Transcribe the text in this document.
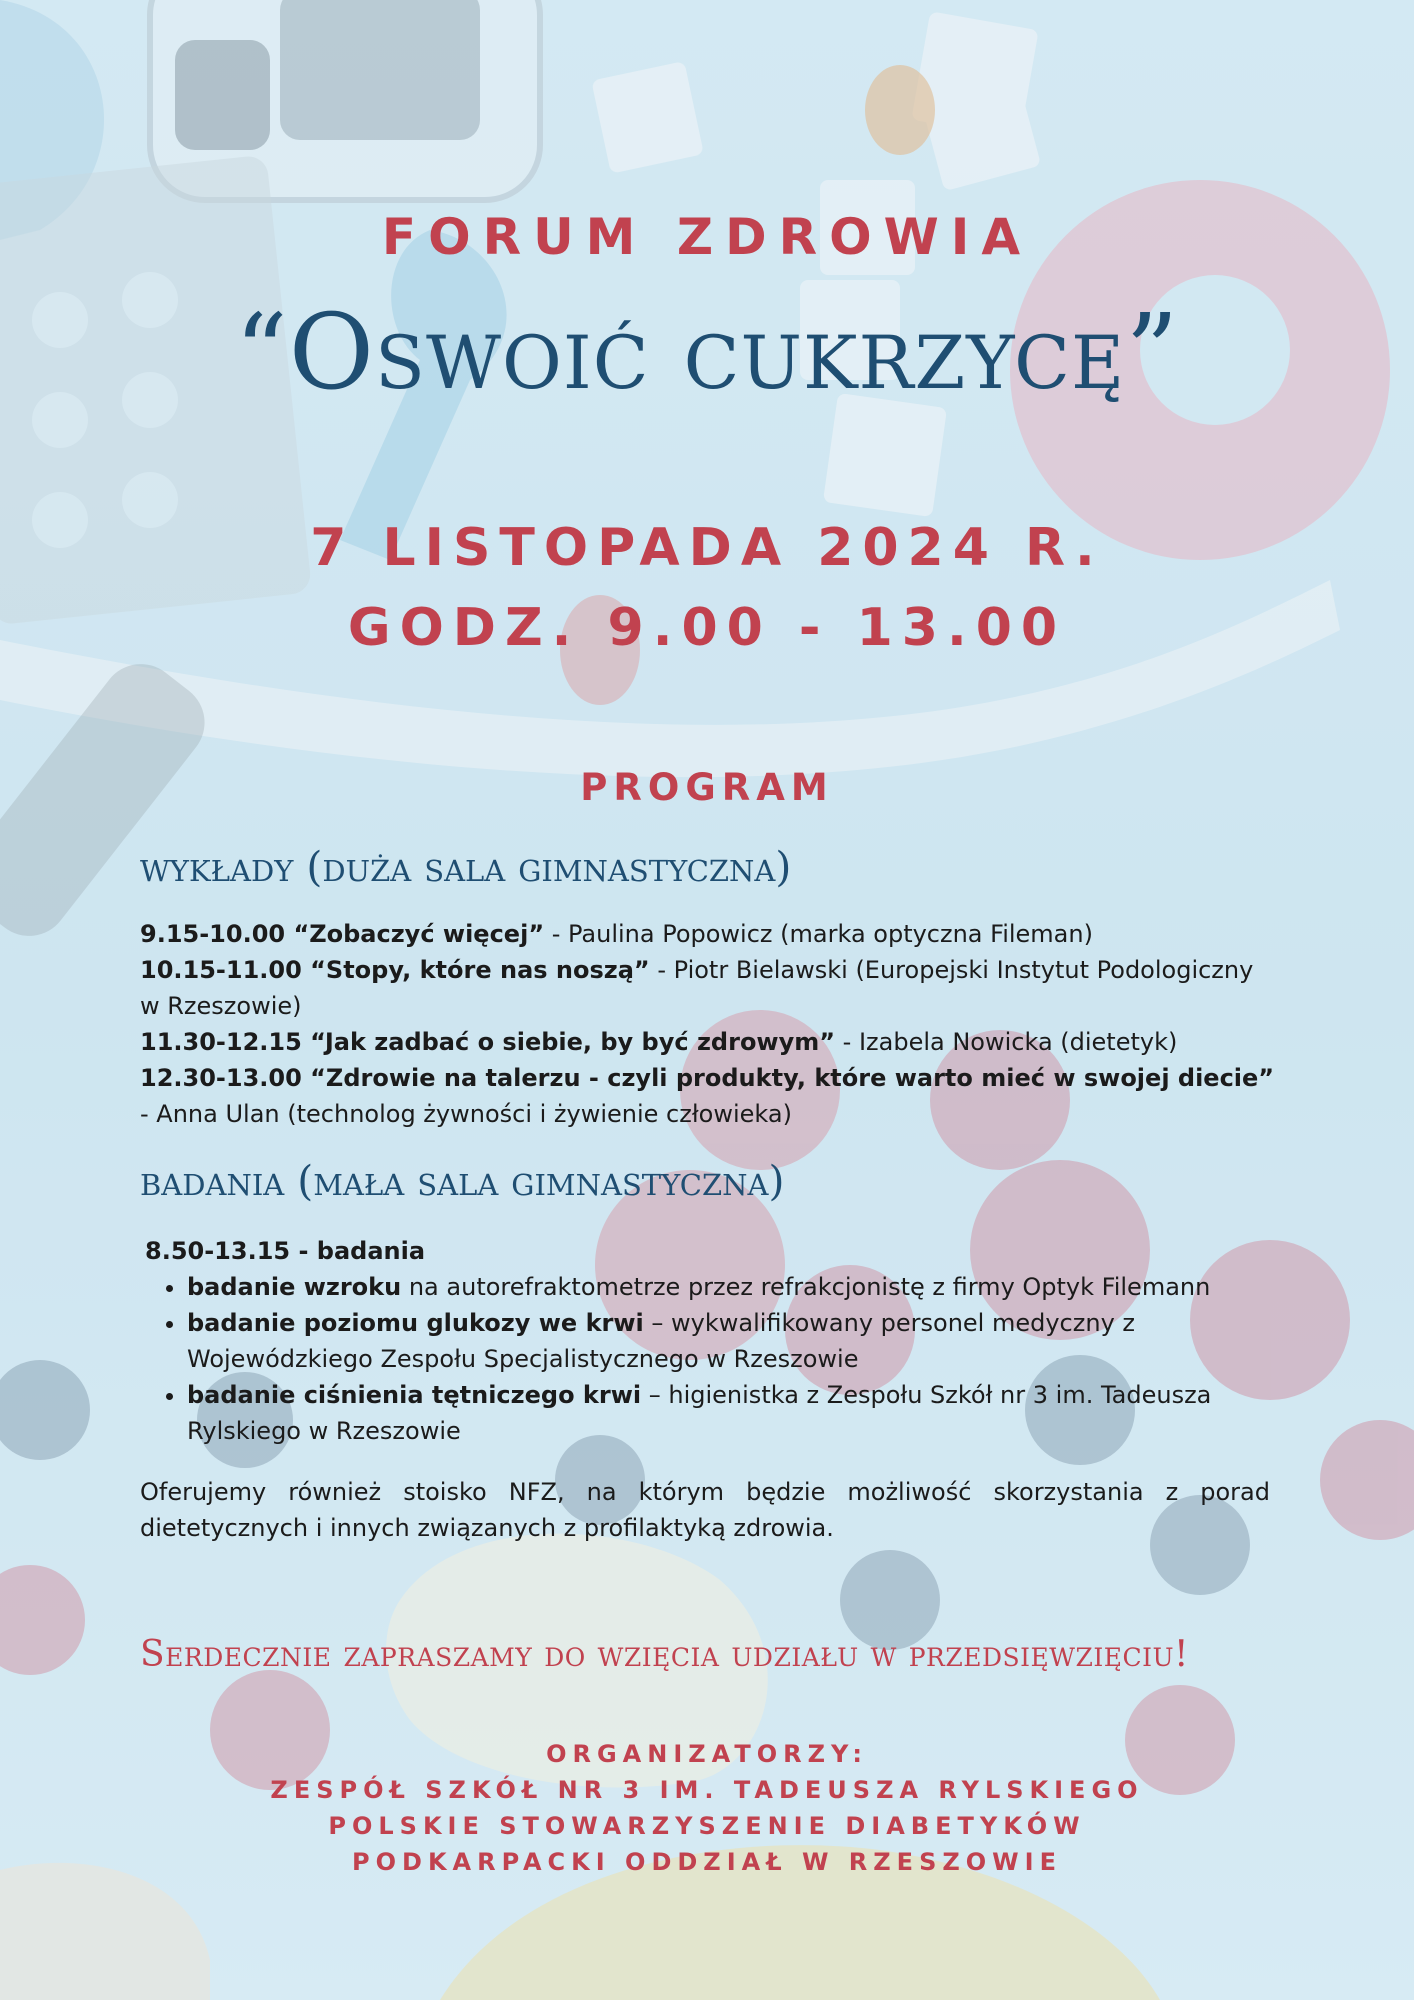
FORUM ZDROWIA
“Oswoić cukrzycę”
7 LISTOPADA 2024 R.
GODZ. 9.00 - 13.00
PROGRAM
wykłady (duża sala gimnastyczna)

9.15-10.00 “Zobaczyć więcej” - Paulina Popowicz (marka optyczna Fileman)

10.15-11.00 “Stopy, które nas noszą” - Piotr Bielawski (Europejski Instytut Podologiczny w Rzeszowie)

11.30-12.15 “Jak zadbać o siebie, by być zdrowym” - Izabela Nowicka (dietetyk)

12.30-13.00 “Zdrowie na talerzu - czyli produkty, które warto mieć w swojej diecie” - Anna Ulan (technolog żywności i żywienie człowieka)

badania (mała sala gimnastyczna)

8.50-13.15 - badania

• badanie wzroku na autorefraktometrze przez refrakcjonistę z firmy Optyk Filemann
• badanie poziomu glukozy we krwi – wykwalifikowany personel medyczny z Wojewódzkiego Zespołu Specjalistycznego w Rzeszowie
• badanie ciśnienia tętniczego krwi – higienistka z Zespołu Szkół nr 3 im. Tadeusza Rylskiego w Rzeszowie

Oferujemy również stoisko NFZ, na którym będzie możliwość skorzystania z porad dietetycznych i innych związanych z profilaktyką zdrowia.

Serdecznie zapraszamy do wzięcia udziału w przedsięwzięciu!
ORGANIZATORZY:
ZESPÓŁ SZKÓŁ NR 3 IM. TADEUSZA RYLSKIEGO
POLSKIE STOWARZYSZENIE DIABETYKÓW
PODKARPACKI ODDZIAŁ W RZESZOWIE
